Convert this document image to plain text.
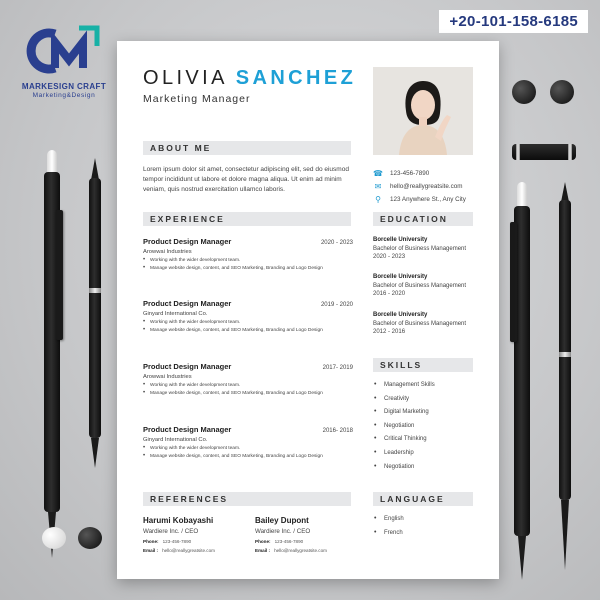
MARKESIGN CRAFT
Marketing&Design
+20-101-158-6185
OLIVIA SANCHEZ
Marketing Manager
ABOUT ME
Lorem ipsum dolor sit amet, consectetur adipiscing elit, sed do eiusmod tempor incididunt ut labore et dolore magna aliqua. Ut enim ad minim veniam, quis nostrud exercitation ullamco laboris.
☎ 123-456-7890
✉ hello@reallygreatsite.com
⚲	123 Anywhere St., Any City
EXPERIENCE
Product Design Manager	2020 - 2023
Arowwai Industries
• Working with the wider development team.
• Manage website design, content, and SEO Marketing, Branding and Logo Design
Product Design Manager	2019 - 2020
Ginyard International Co.
• Working with the wider development team.
• Manage website design, content, and SEO Marketing, Branding and Logo Design
Product Design Manager	2017- 2019
Arowwai Industries
• Working with the wider development team.
• Manage website design, content, and SEO Marketing, Branding and Logo Design
Product Design Manager	2016- 2018
Ginyard International Co.
• Working with the wider development team.
• Manage website design, content, and SEO Marketing, Branding and Logo Design
EDUCATION
Borcelle University
Bachelor of Business Management
2020 - 2023
Borcelle University
Bachelor of Business Management
2016 - 2020
Borcelle University
Bachelor of Business Management
2012 - 2016
SKILLS
• Management Skills
• Creativity
• Digital Marketing
• Negotiation
• Critical Thinking
• Leadership
• Negotiation
REFERENCES
Harumi Kobayashi
Wardiere Inc. / CEO
Phone: 123-456-7890
Email : hello@reallygreatsite.com
Bailey Dupont
Wardiere Inc. / CEO
Phone: 123-456-7890
Email : hello@reallygreatsite.com
LANGUAGE
• English
• French
